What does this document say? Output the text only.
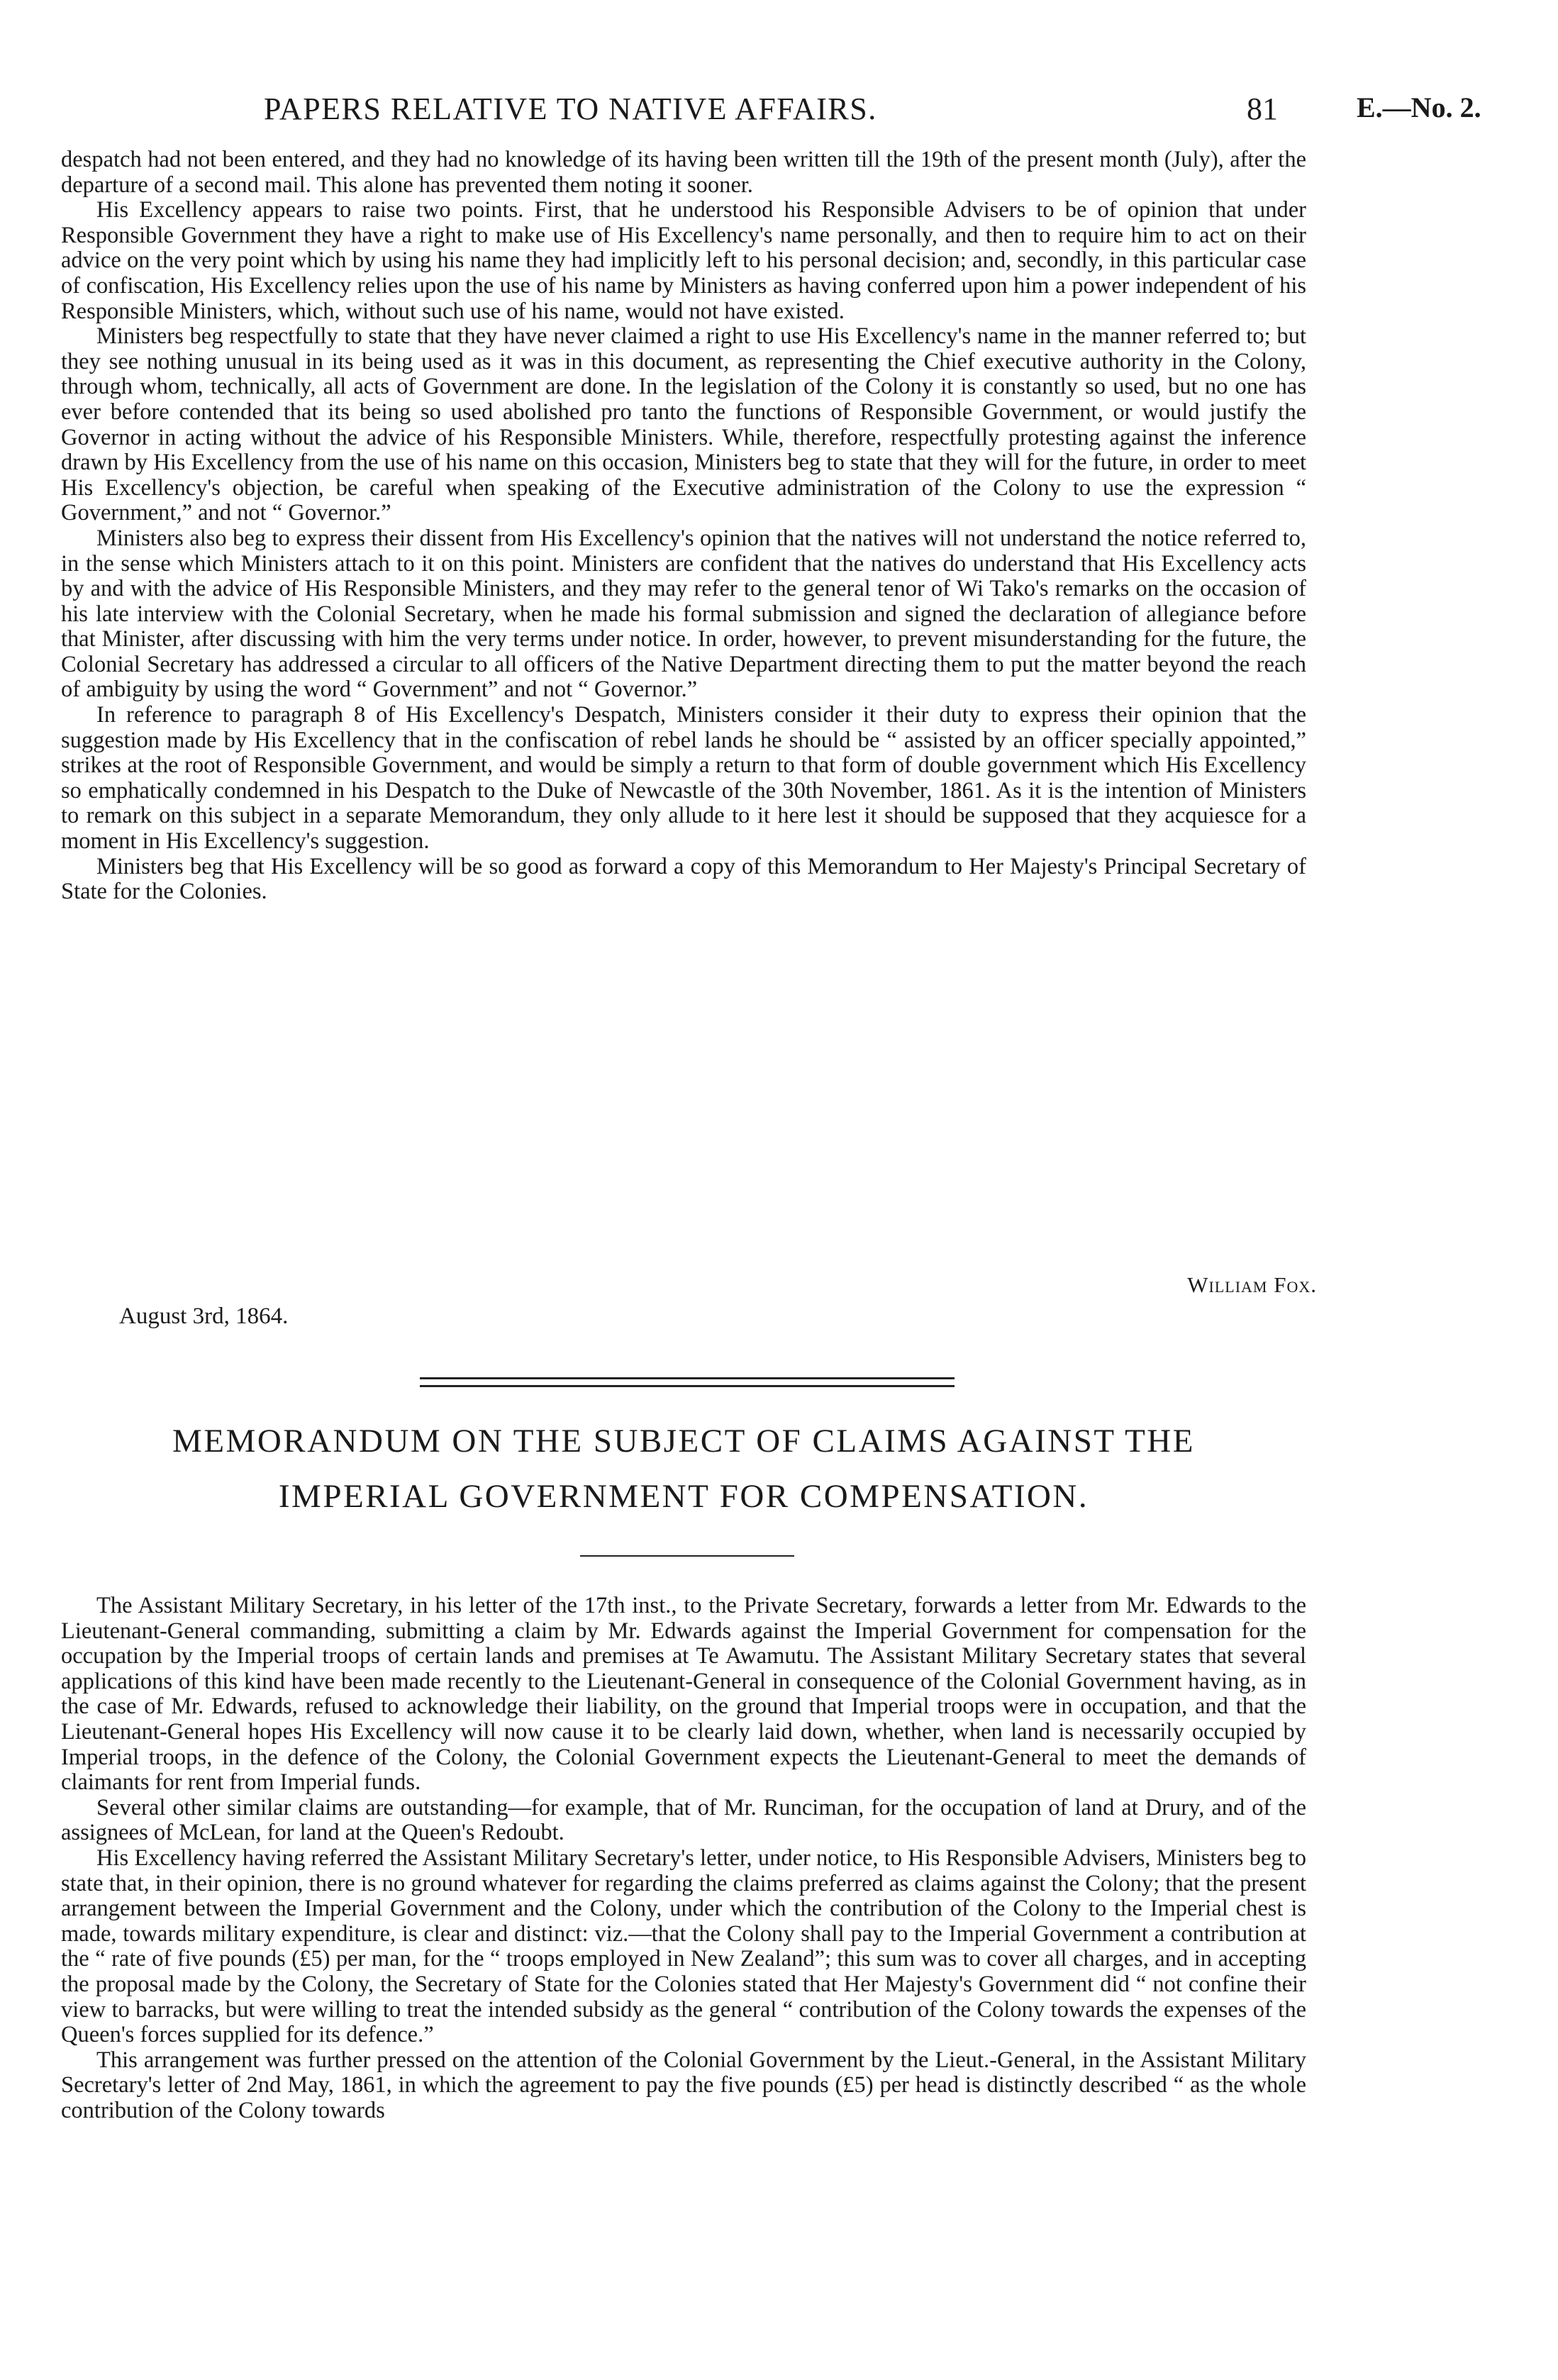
PAPERS RELATIVE TO NATIVE AFFAIRS.	81	E.—No. 2.

despatch had not been entered, and they had no knowledge of its having been written till the 19th of the present month (July), after the departure of a second mail. This alone has prevented them noting it sooner.

His Excellency appears to raise two points. First, that he understood his Responsible Advisers to be of opinion that under Responsible Government they have a right to make use of His Excellency's name personally, and then to require him to act on their advice on the very point which by using his name they had implicitly left to his personal decision; and, secondly, in this particular case of confiscation, His Excellency relies upon the use of his name by Ministers as having conferred upon him a power independent of his Responsible Ministers, which, without such use of his name, would not have existed.

Ministers beg respectfully to state that they have never claimed a right to use His Excellency's name in the manner referred to; but they see nothing unusual in its being used as it was in this document, as representing the Chief executive authority in the Colony, through whom, technically, all acts of Government are done. In the legislation of the Colony it is constantly so used, but no one has ever before contended that its being so used abolished pro tanto the functions of Responsible Government, or would justify the Governor in acting without the advice of his Responsible Ministers. While, therefore, respectfully protesting against the inference drawn by His Excellency from the use of his name on this occasion, Ministers beg to state that they will for the future, in order to meet His Excellency's objection, be careful when speaking of the Executive administration of the Colony to use the expression “ Government,” and not “ Governor.”

Ministers also beg to express their dissent from His Excellency's opinion that the natives will not understand the notice referred to, in the sense which Ministers attach to it on this point. Ministers are confident that the natives do understand that His Excellency acts by and with the advice of His Responsible Ministers, and they may refer to the general tenor of Wi Tako's remarks on the occasion of his late interview with the Colonial Secretary, when he made his formal submission and signed the declaration of allegiance before that Minister, after discussing with him the very terms under notice. In order, however, to prevent misunderstanding for the future, the Colonial Secretary has addressed a circular to all officers of the Native Department directing them to put the matter beyond the reach of ambiguity by using the word “ Government” and not “ Governor.”

In reference to paragraph 8 of His Excellency's Despatch, Ministers consider it their duty to express their opinion that the suggestion made by His Excellency that in the confiscation of rebel lands he should be “ assisted by an officer specially appointed,” strikes at the root of Responsible Government, and would be simply a return to that form of double government which His Excellency so emphatically condemned in his Despatch to the Duke of Newcastle of the 30th November, 1861. As it is the intention of Ministers to remark on this subject in a separate Memorandum, they only allude to it here lest it should be supposed that they acquiesce for a moment in His Excellency's suggestion.

Ministers beg that His Excellency will be so good as forward a copy of this Memorandum to Her Majesty's Principal Secretary of State for the Colonies.

William Fox.
August 3rd, 1864.
MEMORANDUM ON THE SUBJECT OF CLAIMS AGAINST THE
IMPERIAL GOVERNMENT FOR COMPENSATION.

The Assistant Military Secretary, in his letter of the 17th inst., to the Private Secretary, forwards a letter from Mr. Edwards to the Lieutenant-General commanding, submitting a claim by Mr. Edwards against the Imperial Government for compensation for the occupation by the Imperial troops of certain lands and premises at Te Awamutu. The Assistant Military Secretary states that several applications of this kind have been made recently to the Lieutenant-General in consequence of the Colonial Government having, as in the case of Mr. Edwards, refused to acknowledge their liability, on the ground that Imperial troops were in occupation, and that the Lieutenant-General hopes His Excellency will now cause it to be clearly laid down, whether, when land is necessarily occupied by Imperial troops, in the defence of the Colony, the Colonial Government expects the Lieutenant-General to meet the demands of claimants for rent from Imperial funds.

Several other similar claims are outstanding—for example, that of Mr. Runciman, for the occupation of land at Drury, and of the assignees of McLean, for land at the Queen's Redoubt.

His Excellency having referred the Assistant Military Secretary's letter, under notice, to His Responsible Advisers, Ministers beg to state that, in their opinion, there is no ground whatever for regarding the claims preferred as claims against the Colony; that the present arrangement between the Imperial Government and the Colony, under which the contribution of the Colony to the Imperial chest is made, towards military expenditure, is clear and distinct: viz.—that the Colony shall pay to the Imperial Government a contribution at the “ rate of five pounds (£5) per man, for the “ troops employed in New Zealand”; this sum was to cover all charges, and in accepting the proposal made by the Colony, the Secretary of State for the Colonies stated that Her Majesty's Government did “ not confine their view to barracks, but were willing to treat the intended subsidy as the general “ contribution of the Colony towards the expenses of the Queen's forces supplied for its defence.”

This arrangement was further pressed on the attention of the Colonial Government by the Lieut.-General, in the Assistant Military Secretary's letter of 2nd May, 1861, in which the agreement to pay the five pounds (£5) per head is distinctly described “ as the whole contribution of the Colony towards
